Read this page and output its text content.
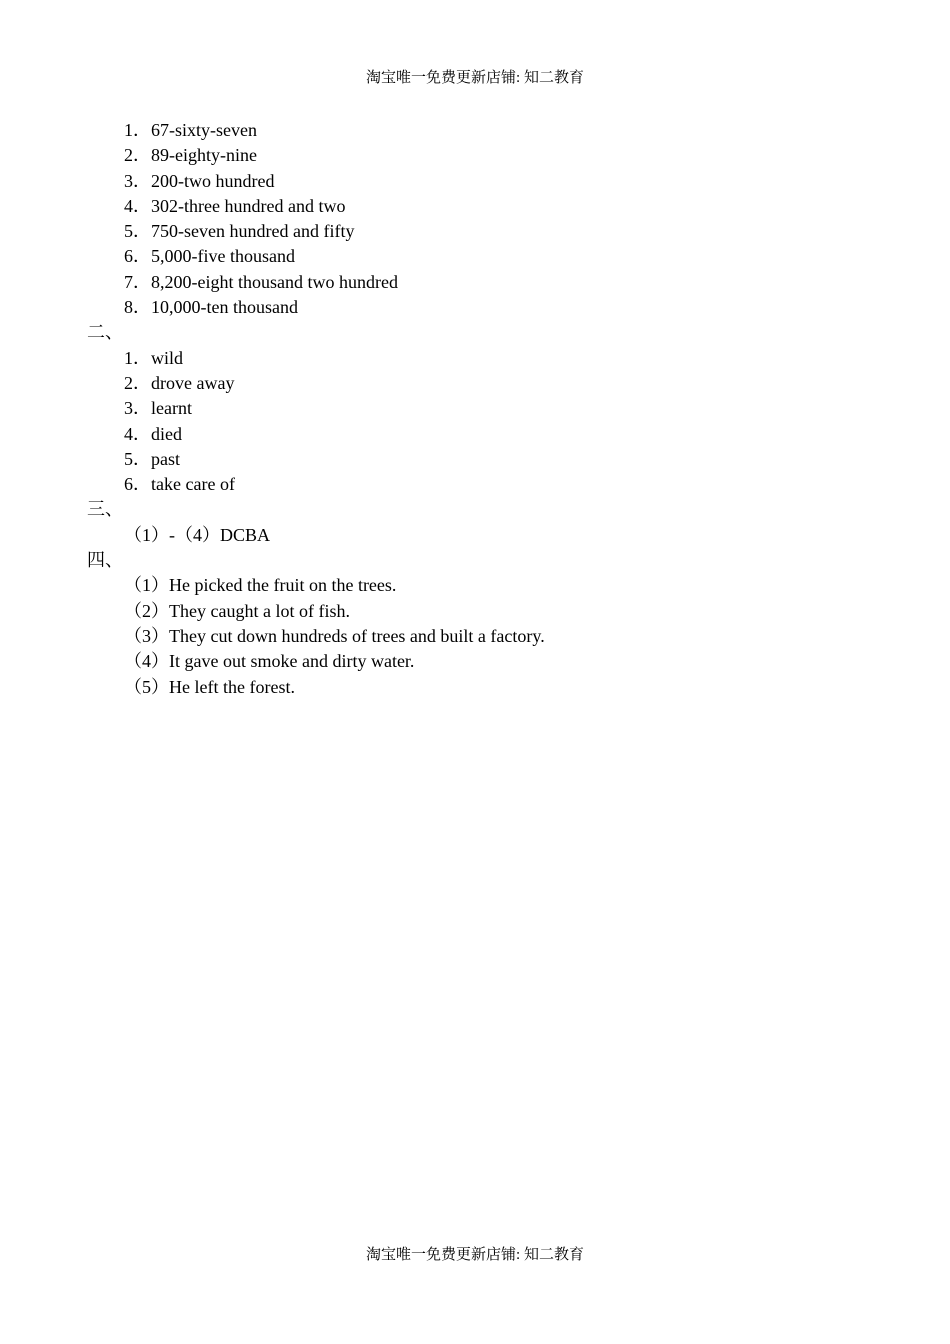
淘宝唯一免费更新店铺: 知二教育
1．67-sixty-seven
2．89-eighty-nine
3．200-two hundred
4．302-three hundred and two
5．750-seven hundred and fifty
6．5,000-five thousand
7．8,200-eight thousand two hundred
8．10,000-ten thousand
二、
1．wild
2．drove away
3．learnt
4．died
5．past
6．take care of
三、
（1）-（4）DCBA
四、
（1）He picked the fruit on the trees.
（2）They caught a lot of fish.
（3）They cut down hundreds of trees and built a factory.
（4）It gave out smoke and dirty water.
（5）He left the forest.
淘宝唯一免费更新店铺: 知二教育
